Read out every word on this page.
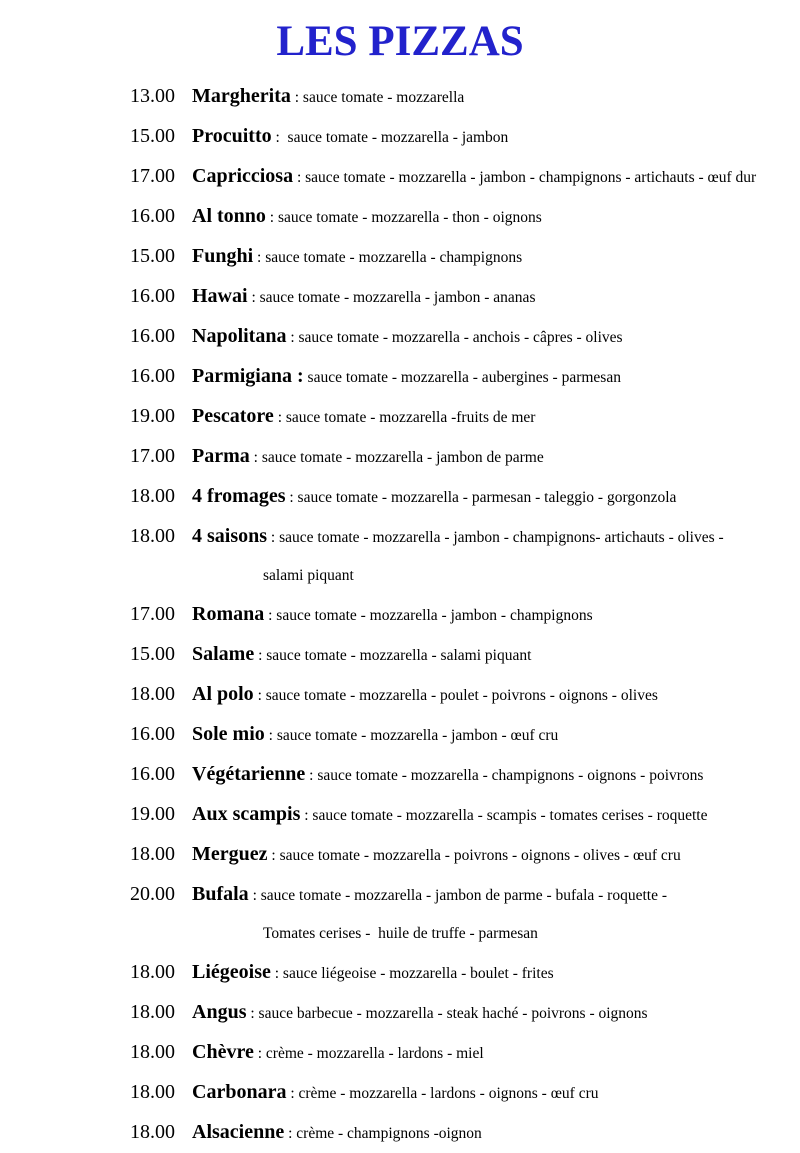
LES PIZZAS
13.00 Margherita : sauce tomate - mozzarella
15.00 Procuitto :  sauce tomate - mozzarella - jambon
17.00 Capricciosa : sauce tomate - mozzarella - jambon - champignons - artichauts - œuf dur
16.00 Al tonno : sauce tomate - mozzarella - thon - oignons
15.00 Funghi : sauce tomate - mozzarella - champignons
16.00 Hawai : sauce tomate - mozzarella - jambon - ananas
16.00 Napolitana : sauce tomate - mozzarella - anchois - câpres - olives
16.00 Parmigiana : sauce tomate - mozzarella - aubergines - parmesan
19.00 Pescatore : sauce tomate - mozzarella -fruits de mer
17.00 Parma : sauce tomate - mozzarella - jambon de parme
18.00 4 fromages : sauce tomate - mozzarella - parmesan - taleggio - gorgonzola
18.00 4 saisons : sauce tomate - mozzarella - jambon - champignons- artichauts - olives -
salami piquant
17.00 Romana : sauce tomate - mozzarella - jambon - champignons
15.00 Salame : sauce tomate - mozzarella - salami piquant
18.00 Al polo : sauce tomate - mozzarella - poulet - poivrons - oignons - olives
16.00 Sole mio : sauce tomate - mozzarella - jambon - œuf cru
16.00 Végétarienne : sauce tomate - mozzarella - champignons - oignons - poivrons
19.00 Aux scampis : sauce tomate - mozzarella - scampis - tomates cerises - roquette
18.00 Merguez : sauce tomate - mozzarella - poivrons - oignons - olives - œuf cru
20.00 Bufala : sauce tomate - mozzarella - jambon de parme - bufala - roquette -
Tomates cerises -  huile de truffe - parmesan
18.00 Liégeoise : sauce liégeoise - mozzarella - boulet - frites
18.00 Angus : sauce barbecue - mozzarella - steak haché - poivrons - oignons
18.00 Chèvre : crème - mozzarella - lardons - miel
18.00 Carbonara : crème - mozzarella - lardons - oignons - œuf cru
18.00 Alsacienne : crème - champignons -oignon
